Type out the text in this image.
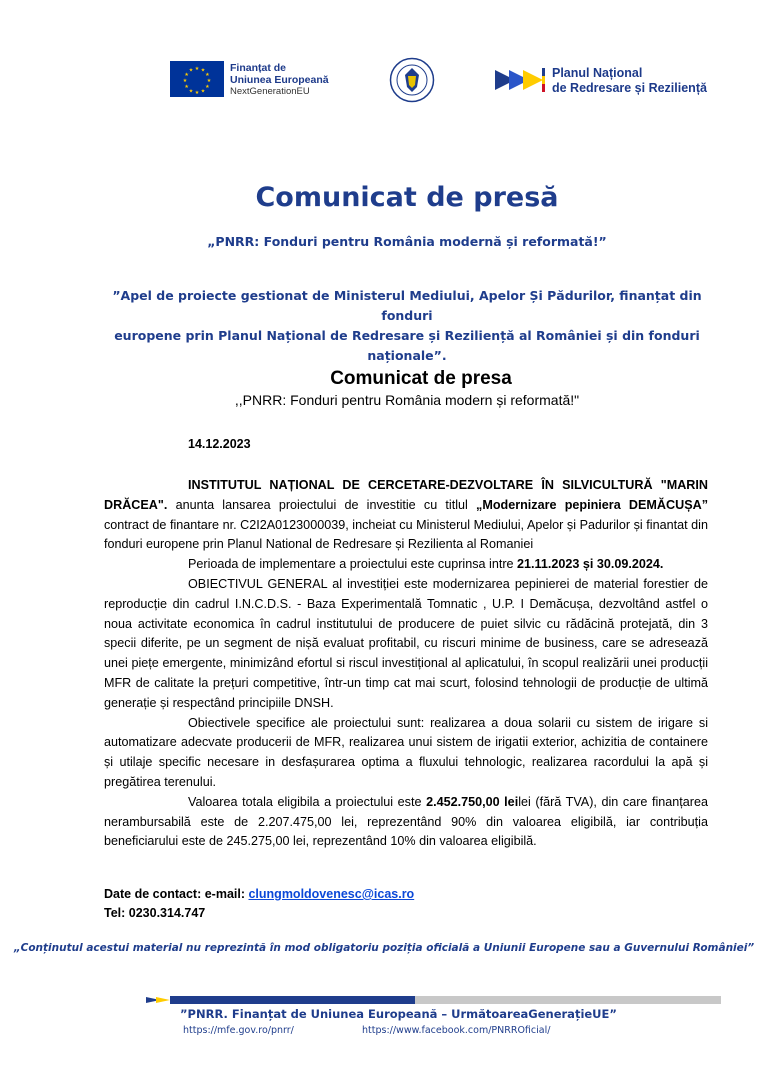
★ ★
★
★
★
★
★
★
★
★
★
★	Finanțat de
Uniunea Europeană
NextGenerationEU
Planul Național
de Redresare și Reziliență
Comunicat de presă
„PNRR: Fonduri pentru România modernă și reformată!”
”Apel de proiecte gestionat de Ministerul Mediului, Apelor Și Pădurilor, finanțat din fonduri
europene prin Planul Național de Redresare și Reziliență al României și din fonduri naționale”.
Comunicat de presa
,,PNRR: Fonduri pentru România modern și reformată!"
14.12.2023

INSTITUTUL NAȚIONAL DE CERCETARE-DEZVOLTARE ÎN SILVICULTURĂ "MARIN DRĂCEA". anunta lansarea proiectului de investitie cu titlul „Modernizare pepiniera DEMĂCUȘA” contract de finantare nr. C2I2A0123000039, incheiat cu Ministerul Mediului, Apelor și Padurilor și finantat din fonduri europene prin Planul National de Redresare și Rezilienta al Romaniei

Perioada de implementare a proiectului este cuprinsa intre 21.11.2023 și 30.09.2024.

OBIECTIVUL GENERAL al investiției este modernizarea pepinierei de material forestier de reproducție din cadrul I.N.C.D.S. - Baza Experimentală Tomnatic , U.P. I Demăcușa, dezvoltând astfel o noua activitate economica în cadrul institutului de producere de puiet silvic cu rădăcină protejată, din 3 specii diferite, pe un segment de nișă evaluat profitabil, cu riscuri minime de business, care se adresează unei piețe emergente, minimizând efortul si riscul investițional al aplicatului, în scopul realizării unei producții MFR de calitate la prețuri competitive, într-un timp cat mai scurt, folosind tehnologii de producție de ultimă generație și respectând principiile DNSH.

Obiectivele specifice ale proiectului sunt: realizarea a doua solarii cu sistem de irigare si automatizare adecvate producerii de MFR, realizarea unui sistem de irigatii exterior, achizitia de containere și utilaje specific necesare in desfașurarea optima a fluxului tehnologic, realizarea racordului la apă și pregătirea terenului.

Valoarea totala eligibila a proiectului este 2.452.750,00 leilei (fără TVA), din care finanțarea nerambursabilă este de 2.207.475,00 lei, reprezentând 90% din valoarea eligibilă, iar contribuția beneficiarului este de 245.275,00 lei, reprezentând 10% din valoarea eligibilă.

Date de contact: e-mail: clungmoldovenesc@icas.ro
Tel: 0230.314.747
„Conținutul acestui material nu reprezintă în mod obligatoriu poziția oficială a Uniunii Europene sau a Guvernului României”
”PNRR. Finanțat de Uniunea Europeană – UrmătoareaGenerațieUE”
https://mfe.gov.ro/pnrr/	https://www.facebook.com/PNRROficial/
